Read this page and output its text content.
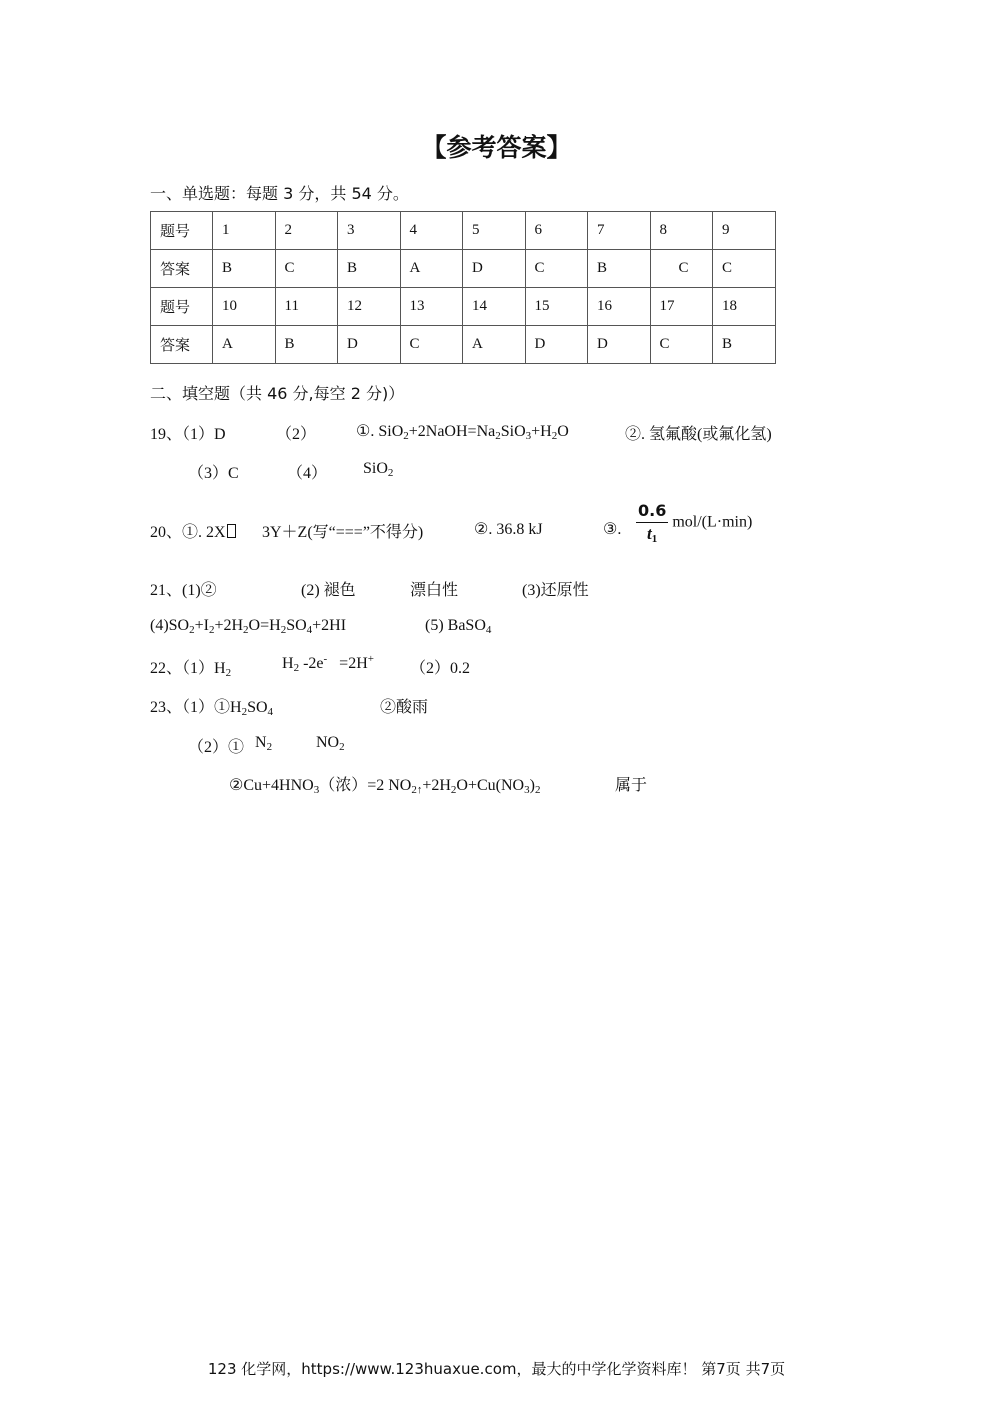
【参考答案】
一、单选题：每题 3 分，共 54 分。
题号	1	2	3	4	5	6	7	8	9
答案	B	C	B	A	D	C	B	C	C
题号	10	11	12	13	14	15	16	17	18
答案	A	B	D	C	A	D	D	C	B
二、填空题（共 46 分,每空 2 分)）
19、（1）D	（2） ①. $SiO_2+2NaOH=Na_2SiO_3+H_2O$	②. 氢氟酸(或氟化氢)
（3）C	（4） SiO$_2$
20、①. 2X	3Y＋Z(写“===”不得分)	②. 36.8 kJ	③. $\frac{0.6}{t_1} mol/(L\cdot\min)$
21、(1)②	(2) 褪色	漂白性	(3)还原性
$(4)SO_2+I_2+2H_2O=H_2SO_4+2HI$	(5) BaSO$_4$
22、$(1)H_2$
$H_2$ -2e- =2H+
（2）0.2
23、$(1)①H_2SO_4$	②酸雨
（2）① $N_2$	$NO_2$
$②Cu+4HNO_3$（浓）=2 $NO_{2↑}+2H_2O+Cu(NO_3)_2$	属于
123 化学网，https://www.123huaxue.com，最大的中学化学资料库！ 第7页 共7页
